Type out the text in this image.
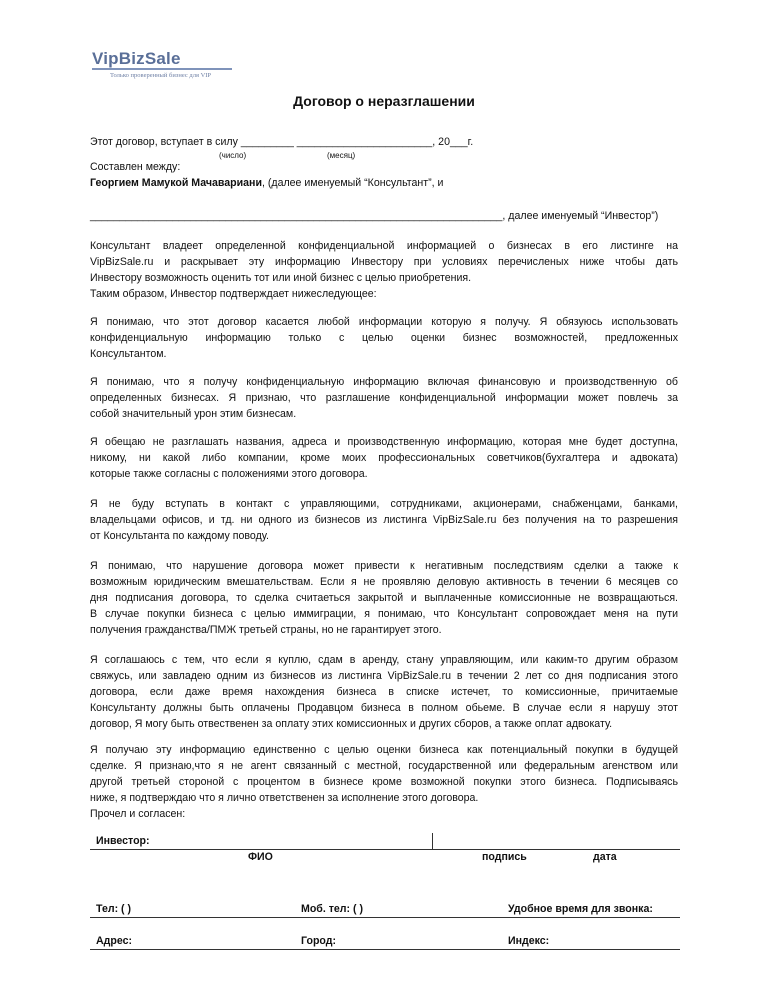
VipBizSale
Только проверенный бизнес для VIP
Договор о неразглашении
Этот договор, вступает в силу _________ _______________________, 20___г.
(число)	(месяц)
Составлен между:
Георгием Мамукой Мачавариани, (далее именуемый “Консультант”, и
______________________________________________________________________, далее именуемый “Инвестор”)
Консультант владеет определенной конфиденциальной информацией о бизнесах в его листинге на
VipBizSale.ru и раскрывает эту информацию Инвестору при условиях перечисленых ниже чтобы дать
Инвестору возможность оценить тот или иной бизнес с целью приобретения.
Таким образом, Инвестор подтверждает нижеследующее:
Я понимаю, что этот договор касается любой информации которую я получу. Я обязуюсь использовать
конфиденциальную информацию только с целью оценки бизнес возможностей, предложенных
Консультантом.
Я понимаю, что я получу конфиденциальную информацию включая финансовую и производственную об
определенных бизнесах. Я признаю, что разглашение конфиденциальной информации может повлечь за
собой значительный урон этим бизнесам.
Я обещаю не разглашать названия, адреса и производственную информацию, которая мне будет доступна,
никому, ни какой либо компании, кроме моих профессиональных советчиков(бухгалтера и адвоката)
которые также согласны с положениями этого договора.
Я не буду вступать в контакт с управляющими, сотрудниками, акционерами, снабженцами, банками,
владельцами офисов, и тд. ни одного из бизнесов из листинга VipBizSale.ru без получения на то разрешения
от Консультанта по каждому поводу.
Я понимаю, что нарушение договора может привести к негативным последствиям сделки а также к
возможным юридическим вмешательствам. Если я не проявляю деловую активность в течении 6 месяцев со
дня подписания договора, то сделка считаеться закрытой и выплаченные комиссионные не возвращаються.
В случае покупки бизнеса с целью иммиграции, я понимаю, что Консультант сопровождает меня на пути
получения гражданства/ПМЖ третьей страны, но не гарантирует этого.
Я соглашаюсь с тем, что если я куплю, сдам в аренду, стану управляющим, или каким-то другим образом
свяжусь, или завладею одним из бизнесов из листинга VipBizSale.ru в течении 2 лет со дня подписания этого
договора, если даже время нахождения бизнеса в списке истечет, то комиссионные, причитаемые
Консультанту должны быть оплачены Продавцом бизнеса в полном обьеме. В случае если я нарушу этот
договор, Я могу быть отвественен за оплату этих комиссионных и других сборов, а также оплат адвокату.
Я получаю эту информацию единственно с целью оценки бизнеса как потенциальный покупки в будущей
сделке. Я признаю,что я не агент связанный с местной, государственной или федеральным агенством или
другой третьей стороной с процентом в бизнесе кроме возможной покупки этого бизнеса. Подписываясь
ниже, я подтверждаю что я лично ответственен за исполнение этого договора.
Прочел и согласен:
Инвестор:
ФИО	подпись	дата
Тел: ( )	Моб. тел: ( )	Удобное время для звонка:
Адрес:	Город:	Индекс:
